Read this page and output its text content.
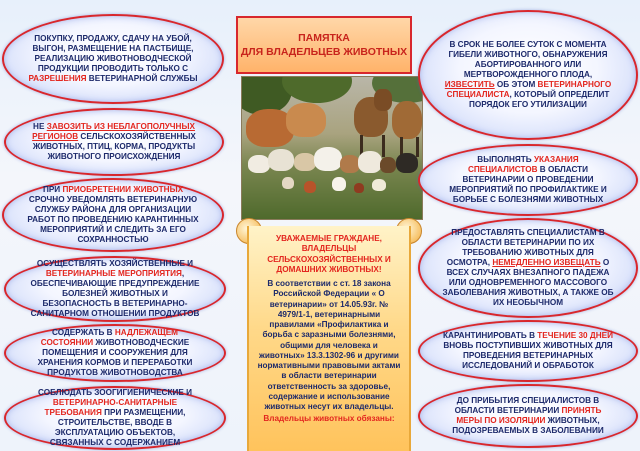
ПАМЯТКА
ДЛЯ ВЛАДЕЛЬЦЕВ ЖИВОТНЫХ
УВАЖАЕМЫЕ ГРАЖДАНЕ, ВЛАДЕЛЬЦЫ СЕЛЬСКОХОЗЯЙСТВЕННЫХ И ДОМАШНИХ ЖИВОТНЫХ!
В соответствии с ст. 18 закона Российской Федерации « О ветеринарии» от 14.05.93г. № 4979/1-1, ветеринарными правилами «Профилактика и борьба с заразными болезнями, общими для человека и животных» 13.3.1302-96 и другими нормативными правовыми актами в области ветеринарии ответственность за здоровье, содержание и использование животных несут их владельцы.
Владельцы животных обязаны:
ПОКУПКУ, ПРОДАЖУ, СДАЧУ НА УБОЙ, ВЫГОН, РАЗМЕЩЕНИЕ НА ПАСТБИЩЕ, РЕАЛИЗАЦИЮ ЖИВОТНОВОДЧЕСКОЙ ПРОДУКЦИИ ПРОВОДИТЬ ТОЛЬКО С РАЗРЕШЕНИЯ ВЕТЕРИНАРНОЙ СЛУЖБЫ
НЕ ЗАВОЗИТЬ ИЗ НЕБЛАГОПОЛУЧНЫХ РЕГИОНОВ СЕЛЬСКОХОЗЯЙСТВЕННЫХ ЖИВОТНЫХ, ПТИЦ, КОРМА, ПРОДУКТЫ ЖИВОТНОГО ПРОИСХОЖДЕНИЯ
ПРИ ПРИОБРЕТЕНИИ ЖИВОТНЫХ СРОЧНО УВЕДОМЛЯТЬ ВЕТЕРИНАРНУЮ СЛУЖБУ РАЙОНА ДЛЯ ОРГАНИЗАЦИИ РАБОТ ПО ПРОВЕДЕНИЮ КАРАНТИННЫХ МЕРОПРИЯТИЙ И СЛЕДИТЬ ЗА ЕГО СОХРАННОСТЬЮ
ОСУЩЕСТВЛЯТЬ ХОЗЯЙСТВЕННЫЕ И ВЕТЕРИНАРНЫЕ МЕРОПРИЯТИЯ, ОБЕСПЕЧИВАЮЩИЕ ПРЕДУПРЕЖДЕНИЕ БОЛЕЗНЕЙ ЖИВОТНЫХ И БЕЗОПАСНОСТЬ В ВЕТЕРИНАРНО-САНИТАРНОМ ОТНОШЕНИИ ПРОДУКТОВ
СОДЕРЖАТЬ В НАДЛЕЖАЩЕМ СОСТОЯНИИ ЖИВОТНОВОДЧЕСКИЕ ПОМЕЩЕНИЯ И СООРУЖЕНИЯ ДЛЯ ХРАНЕНИЯ КОРМОВ И ПЕРЕРАБОТКИ ПРОДУКТОВ ЖИВОТНОВОДСТВА
СОБЛЮДАТЬ ЗООГИГИЕНИЧЕСКИЕ И ВЕТЕРИНАРНО-САНИТАРНЫЕ ТРЕБОВАНИЯ ПРИ РАЗМЕЩЕНИИ, СТРОИТЕЛЬСТВЕ, ВВОДЕ В ЭКСПЛУАТАЦИЮ ОБЪЕКТОВ, СВЯЗАННЫХ С СОДЕРЖАНИЕМ
В СРОК НЕ БОЛЕЕ СУТОК С МОМЕНТА ГИБЕЛИ ЖИВОТНОГО, ОБНАРУЖЕНИЯ АБОРТИРОВАННОГО ИЛИ МЕРТВОРОЖДЕННОГО ПЛОДА, ИЗВЕСТИТЬ ОБ ЭТОМ ВЕТЕРИНАРНОГО СПЕЦИАЛИСТА, КОТОРЫЙ ОПРЕДЕЛИТ ПОРЯДОК ЕГО УТИЛИЗАЦИИ
ВЫПОЛНЯТЬ УКАЗАНИЯ СПЕЦИАЛИСТОВ В ОБЛАСТИ ВЕТЕРИНАРИИ О ПРОВЕДЕНИИ МЕРОПРИЯТИЙ ПО ПРОФИЛАКТИКЕ И БОРЬБЕ С БОЛЕЗНЯМИ ЖИВОТНЫХ
ПРЕДОСТАВЛЯТЬ СПЕЦИАЛИСТАМ В ОБЛАСТИ ВЕТЕРИНАРИИ ПО ИХ ТРЕБОВАНИЮ ЖИВОТНЫХ ДЛЯ ОСМОТРА, НЕМЕДЛЕННО ИЗВЕЩАТЬ О ВСЕХ СЛУЧАЯХ ВНЕЗАПНОГО ПАДЕЖА ИЛИ ОДНОВРЕМЕННОГО МАССОВОГО ЗАБОЛЕВАНИЯ ЖИВОТНЫХ, А ТАКЖЕ ОБ ИХ НЕОБЫЧНОМ
КАРАНТИНИРОВАТЬ В ТЕЧЕНИЕ 30 ДНЕЙ ВНОВЬ ПОСТУПИВШИХ ЖИВОТНЫХ ДЛЯ ПРОВЕДЕНИЯ ВЕТЕРИНАРНЫХ ИССЛЕДОВАНИЙ И ОБРАБОТОК
ДО ПРИБЫТИЯ СПЕЦИАЛИСТОВ В ОБЛАСТИ ВЕТЕРИНАРИИ ПРИНЯТЬ МЕРЫ ПО ИЗОЛЯЦИИ ЖИВОТНЫХ, ПОДОЗРЕВАЕМЫХ В ЗАБОЛЕВАНИИ
